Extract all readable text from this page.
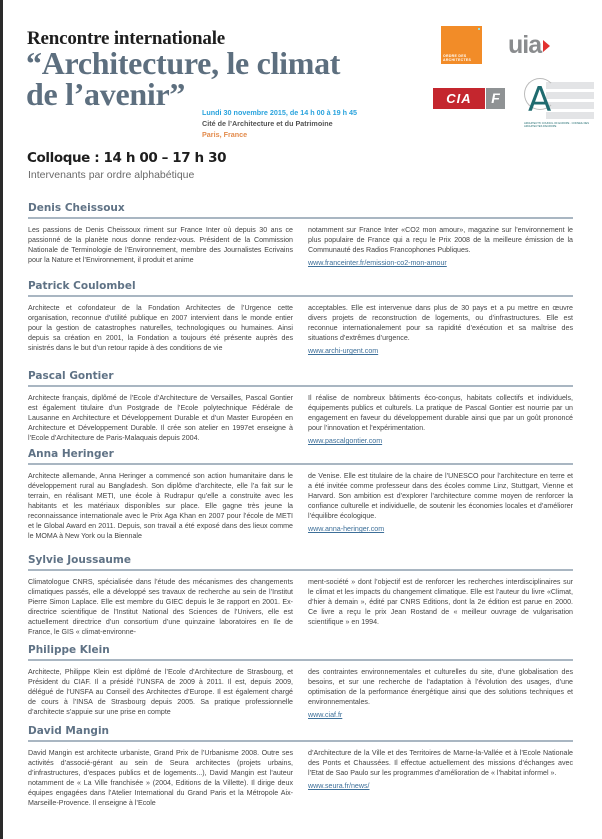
Rencontre internationale
“Architecture, le climat de l’avenir”
Lundi 30 novembre 2015, de 14 h 00 à 19 h 45
Cité de l’Architecture et du Patrimoine
Paris, France
Colloque : 14 h 00 – 17 h 30
Intervenants par ordre alphabétique
ORDRE DES ARCHITECTES
uia
CIA	F A
ARCHITECTS' COUNCIL OF EUROPE · CONSEIL DES ARCHITECTES D'EUROPE
Denis Cheissoux

Les passions de Denis Cheissoux riment sur France Inter où depuis 30 ans ce passionné de la planète nous donne rendez-vous. Président de la Commission Nationale de Terminologie de l’Environnement, membre des Journalistes Ecrivains pour la Nature et l’Environnement, il produit et anime

notamment sur France Inter «CO2 mon amour», magazine sur l’environnement le plus populaire de France qui a reçu le Prix 2008 de la meilleure émission de la Communauté des Radios Francophones Publiques.

www.franceinter.fr/emission-co2-mon-amour
Patrick Coulombel

Architecte et cofondateur de la Fondation Architectes de l’Urgence cette organisation, reconnue d’utilité publique en 2007 intervient dans le monde entier pour la gestion de catastrophes naturelles, technologiques ou humaines. Ainsi depuis sa création en 2001, la Fondation a toujours été présente auprès des sinistrés dans le but d’un retour rapide à des conditions de vie

acceptables. Elle est intervenue dans plus de 30 pays et a pu mettre en œuvre divers projets de reconstruction de logements, ou d’infrastructures. Elle est reconnue internationalement pour sa rapidité d’exécution et sa maîtrise des situations d’extrêmes d’urgence.

www.archi-urgent.com
Pascal Gontier

Architecte français, diplômé de l’Ecole d’Architecture de Versailles, Pascal Gontier est également titulaire d’un Postgrade de l’Ecole polytechnique Fédérale de Lausanne en Architecture et Développement Durable et d’un Master Européen en Architecture et Développement Durable. Il crée son atelier en 1997et enseigne à l’Ecole d’Architecture de Paris-Malaquais depuis 2004.

Il réalise de nombreux bâtiments éco-conçus, habitats collectifs et individuels, équipements publics et culturels. La pratique de Pascal Gontier est nourrie par un engagement en faveur du développement durable ainsi que par un goût prononcé pour l’innovation et l’expérimentation.

www.pascalgontier.com
Anna Heringer

Architecte allemande, Anna Heringer a commencé son action humanitaire dans le développement rural au Bangladesh. Son diplôme d’architecte, elle l’a fait sur le terrain, en réalisant METI, une école à Rudrapur qu’elle a construite avec les habitants et les matériaux disponibles sur place. Elle gagne très jeune la reconnaissance internationale avec le Prix Aga Khan en 2007 pour l’école de METI et le Global Award en 2011. Depuis, son travail a été exposé dans des lieux comme le MOMA à New York ou la Biennale

de Venise. Elle est titulaire de la chaire de l’UNESCO pour l’architecture en terre et a été invitée comme professeur dans des écoles comme Linz, Stuttgart, Vienne et Harvard. Son ambition est d’explorer l’architecture comme moyen de renforcer la confiance culturelle et individuelle, de soutenir les économies locales et d’améliorer l’équilibre écologique.

www.anna-heringer.com
Sylvie Joussaume

Climatologue CNRS, spécialisée dans l’étude des mécanismes des changements climatiques passés, elle a développé ses travaux de recherche au sein de l’Institut Pierre Simon Laplace. Elle est membre du GIEC depuis le 3e rapport en 2001. Ex-directrice scientifique de l’Institut National des Sciences de l’Univers, elle est actuellement directrice d’un consortium d’une quinzaine laboratoires en Ile de France, le GIS « climat-environne-

ment-société » dont l’objectif est de renforcer les recherches interdisciplinaires sur le climat et les impacts du changement climatique. Elle est l’auteur du livre «Climat, d’hier à demain », édité par CNRS Editions, dont la 2e édition est parue en 2000. Ce livre a reçu le prix Jean Rostand de « meilleur ouvrage de vulgarisation scientifique » en 1994.

Philippe Klein

Architecte, Philippe Klein est diplômé de l’Ecole d’Architecture de Strasbourg, et Président du CIAF. Il a présidé l’UNSFA de 2009 à 2011. Il est, depuis 2009, délégué de l’UNSFA au Conseil des Architectes d’Europe. Il est également chargé de cours à l’INSA de Strasbourg depuis 2005. Sa pratique professionnelle d’architecte s’appuie sur une prise en compte

des contraintes environnementales et culturelles du site, d’une globalisation des besoins, et sur une recherche de l’adaptation à l’évolution des usages, d’une optimisation de la performance énergétique ainsi que des solutions techniques et environnementales.

www.ciaf.fr
David Mangin

David Mangin est architecte urbaniste, Grand Prix de l’Urbanisme 2008. Outre ses activités d’associé-gérant au sein de Seura architectes (projets urbains, d’infrastructures, d’espaces publics et de logements...), David Mangin est l’auteur notamment de « La Ville franchisée » (2004, Editions de la Villette). Il dirige deux équipes engagées dans l’Atelier International du Grand Paris et la Métropole Aix-Marseille-Provence. Il enseigne à l’Ecole

d’Architecture de la Ville et des Territoires de Marne-la-Vallée et à l’Ecole Nationale des Ponts et Chaussées. Il effectue actuellement des missions d’échanges avec l’Etat de Sao Paulo sur les programmes d’amélioration de « l’habitat informel ».

www.seura.fr/news/
